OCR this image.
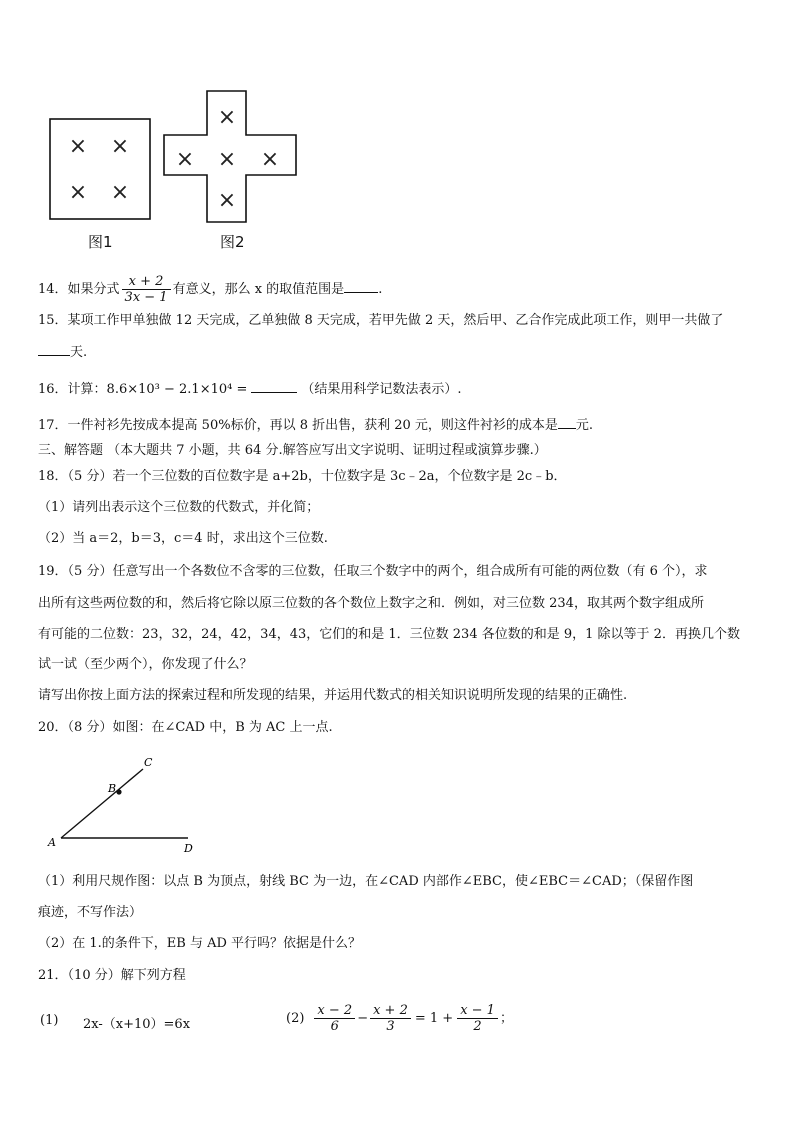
× ×
× ×
×
× × ×
×
图1	图2
14．如果分式 $\frac{x + 2}{3x - 1}$ 有意义，那么 x 的取值范围是	.
15．某项工作甲单独做 12 天完成，乙单独做 8 天完成，若甲先做 2 天，然后甲、乙合作完成此项工作，则甲一共做了
天.
16．计算：8.6×10³ − 2.1×10⁴ =	（结果用科学记数法表示）.
17．一件衬衫先按成本提高 50%标价，再以 8 折出售，获利 20 元，则这件衬衫的成本是 元.
三、解答题 （本大题共 7 小题，共 64 分.解答应写出文字说明、证明过程或演算步骤.）
18．（5 分）若一个三位数的百位数字是 a+2b，十位数字是 3c﹣2a，个位数字是 2c﹣b．
（1）请列出表示这个三位数的代数式，并化简；
（2）当 a＝2，b＝3，c＝4 时，求出这个三位数.
19．（5 分）任意写出一个各数位不含零的三位数，任取三个数字中的两个，组合成所有可能的两位数（有 6 个），求
出所有这些两位数的和，然后将它除以原三位数的各个数位上数字之和．例如，对三位数 234，取其两个数字组成所
有可能的二位数：23，32，24，42，34，43，它们的和是 1．三位数 234 各位数的和是 9，1 除以等于 2．再换几个数
试一试（至少两个），你发现了什么？
请写出你按上面方法的探索过程和所发现的结果，并运用代数式的相关知识说明所发现的结果的正确性.
20．（8 分）如图：在∠CAD 中，B 为 AC 上一点.
A
B
C
D
（1）利用尺规作图：以点 B 为顶点，射线 BC 为一边，在∠CAD 内部作∠EBC，使∠EBC＝∠CAD；（保留作图
痕迹，不写作法）
（2）在 1.的条件下，EB 与 AD 平行吗？依据是什么？
21．（10 分）解下列方程
(1) 2x-（x+10）=6x	$(2) \frac{x - 2}{6} - \frac{x + 2}{3} = 1 + \frac{x - 1}{2}$ ；
